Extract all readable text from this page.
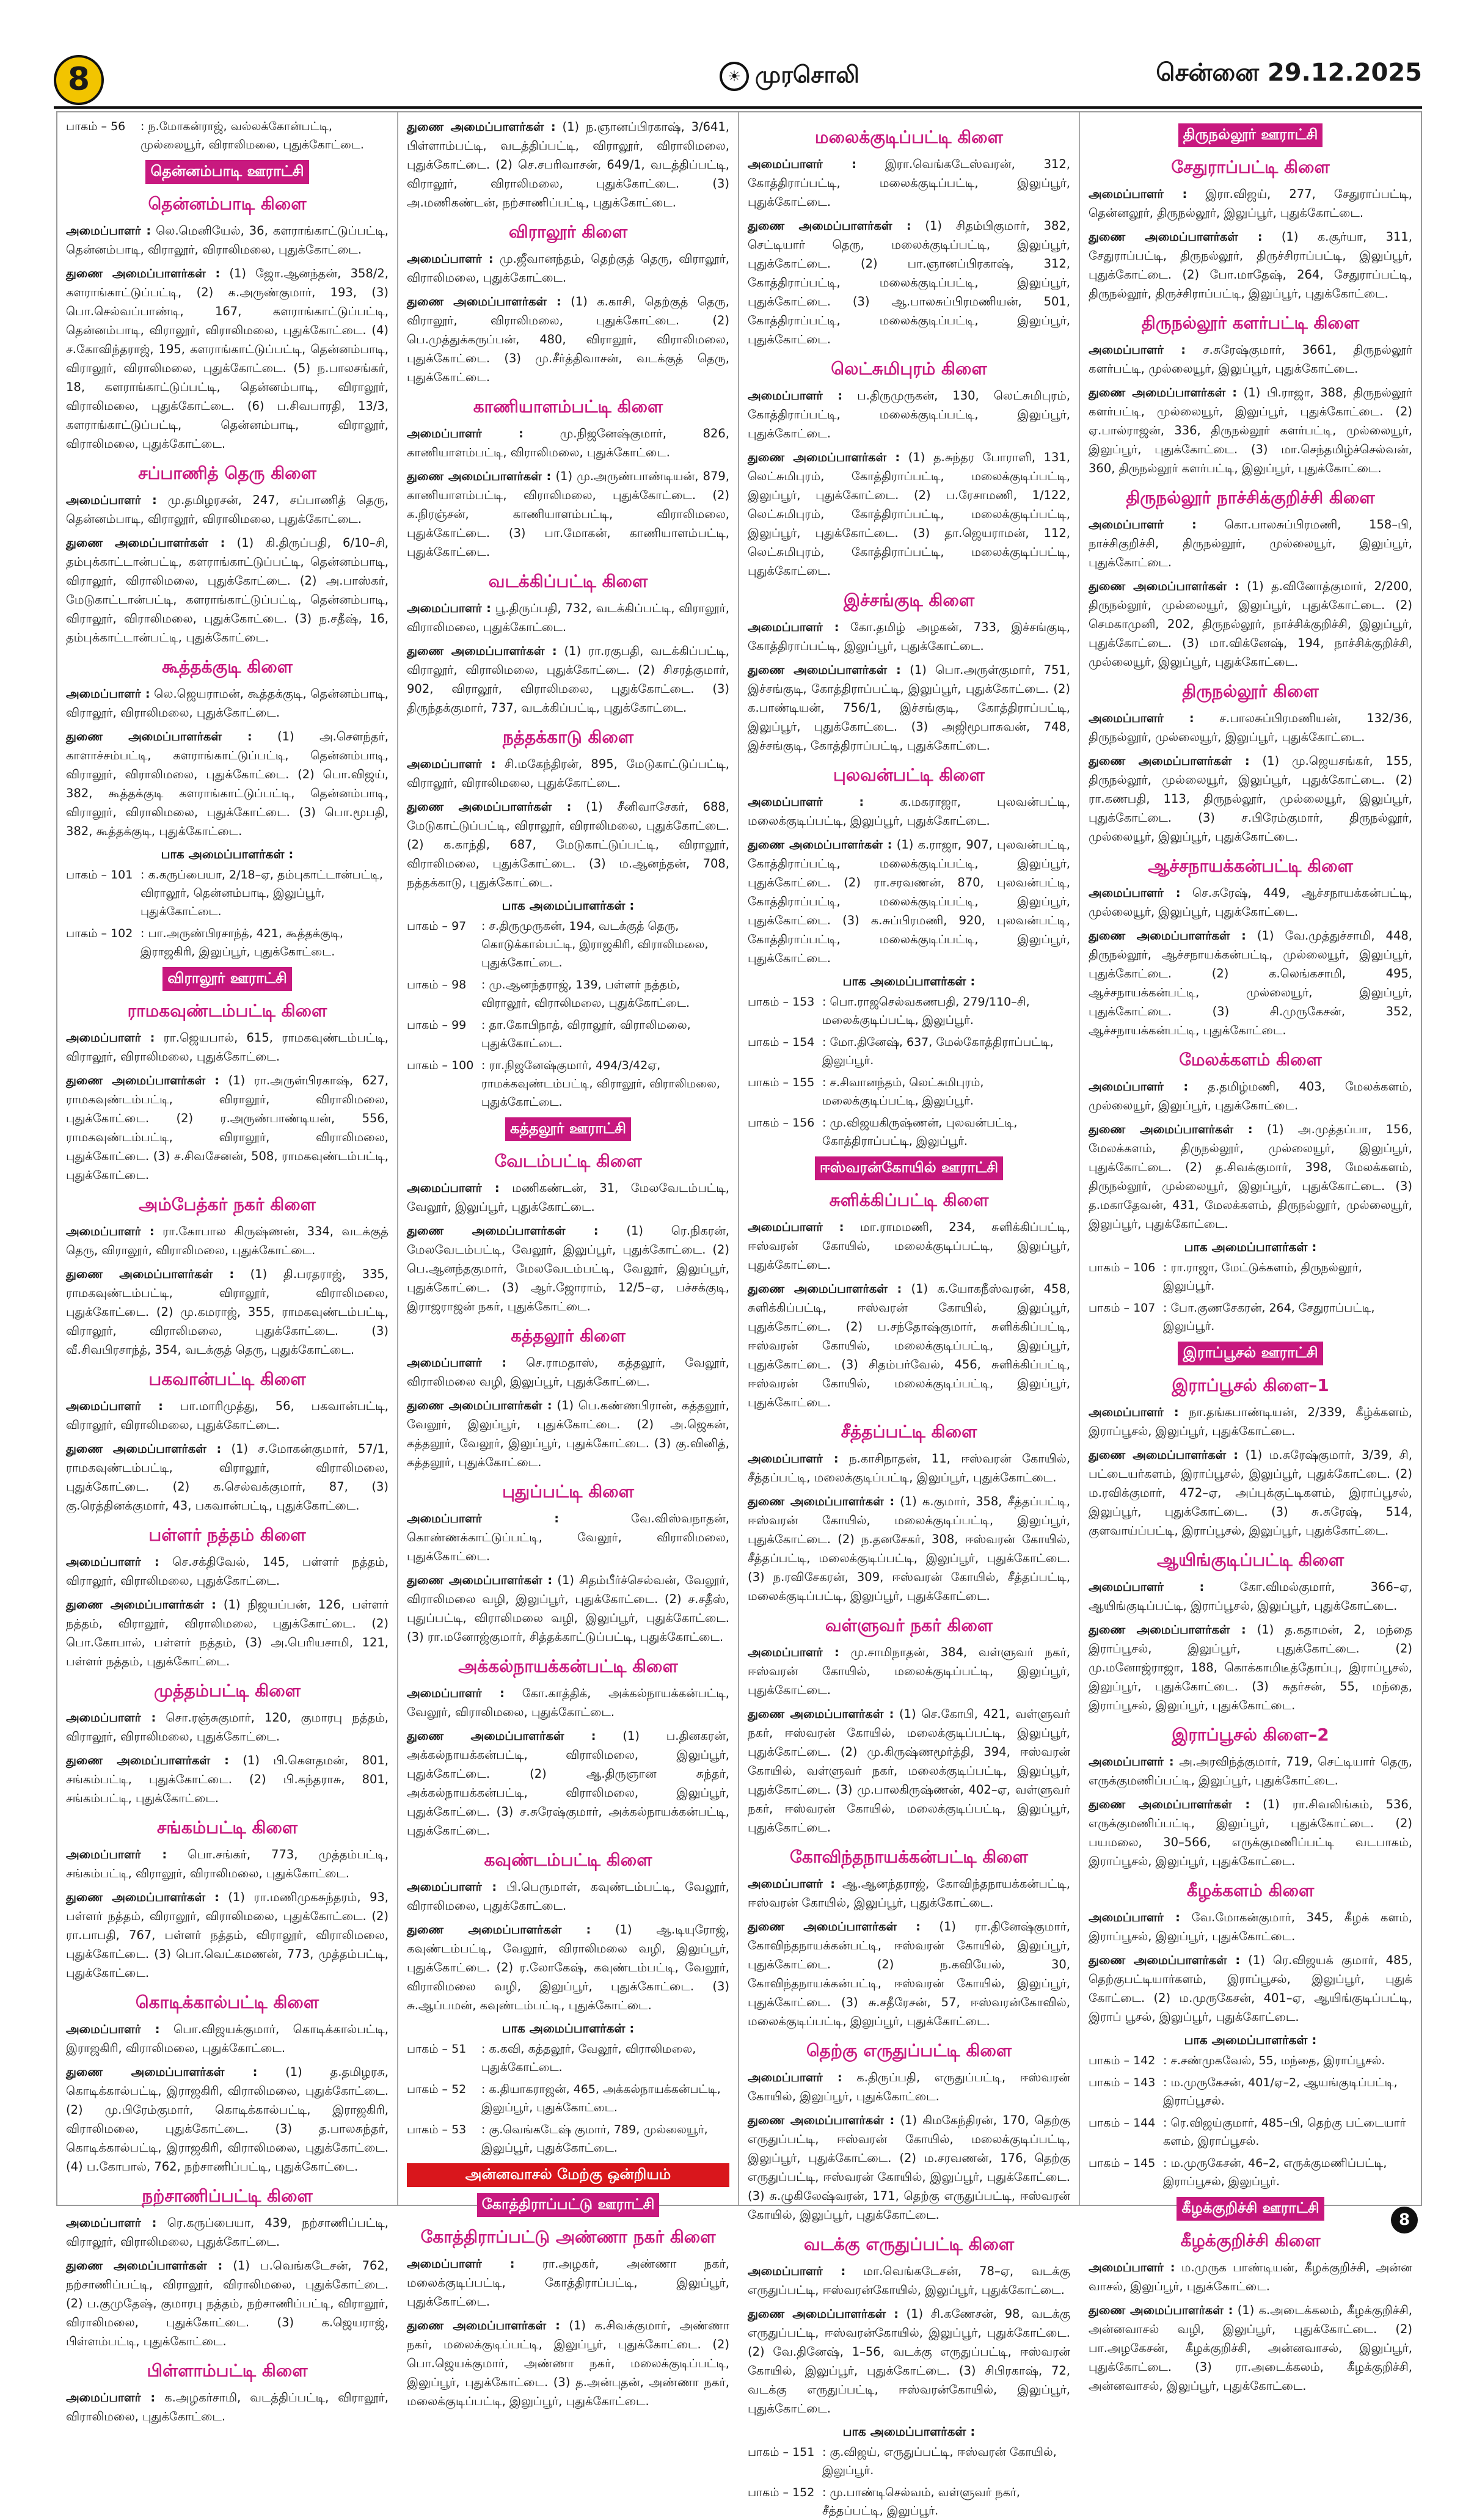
8	☀ முரசொலி	சென்னை 29.12.2025
பாகம் – 56	: ந.மோகன்ராஜ், வல்லக்கோன்பட்டி, முல்லையூர், விராலிமலை, புதுக்கோட்டை.
தென்னம்பாடி ஊராட்சி
தென்னம்பாடி கிளை

அமைப்பாளர் : லெ.மெனியேல், 36, களராங்காட்டுப்பட்டி, தென்னம்பாடி, விராலூர், விராலிமலை, புதுக்கோட்டை.

துணை அமைப்பாளர்கள் : (1) ஜோ.ஆனந்தன், 358/2, களராங்காட்டுப்பட்டி, (2) க.அருண்குமார், 193, (3) பொ.செல்வப்பாண்டி, 167, களராங்காட்டுப்பட்டி, தென்னம்பாடி, விராலூர், விராலிமலை, புதுக்கோட்டை. (4) ச.கோவிந்தராஜ், 195, களராங்காட்டுப்பட்டி, தென்னம்பாடி, விராலூர், விராலிமலை, புதுக்கோட்டை. (5) ந.பாலசங்கர், 18, களராங்காட்டுப்பட்டி, தென்னம்பாடி, விராலூர், விராலிமலை, புதுக்கோட்டை. (6) ப.சிவபாரதி, 13/3, களராங்காட்டுப்பட்டி, தென்னம்பாடி, விராலூர், விராலிமலை, புதுக்கோட்டை.

சப்பாணித் தெரு கிளை

அமைப்பாளர் : மு.தமிழரசன், 247, சப்பாணித் தெரு, தென்னம்பாடி, விராலூர், விராலிமலை, புதுக்கோட்டை.

துணை அமைப்பாளர்கள் : (1) கி.திருப்பதி, 6/10–சி, தம்புக்காட்டான்பட்டி, களராங்காட்டுப்பட்டி, தென்னம்பாடி, விராலூர், விராலிமலை, புதுக்கோட்டை. (2) அ.பாஸ்கர், மேடுகாட்டான்பட்டி, களராங்காட்டுப்பட்டி, தென்னம்பாடி, விராலூர், விராலிமலை, புதுக்கோட்டை. (3) ந.சதீஷ், 16, தம்புக்காட்டான்பட்டி, புதுக்கோட்டை.

கூத்தக்குடி கிளை

அமைப்பாளர் : லெ.ஜெயராமன், கூத்தக்குடி, தென்னம்பாடி, விராலூர், விராலிமலை, புதுக்கோட்டை.

துணை அமைப்பாளர்கள் : (1) அ.சௌந்தர், காளாச்சம்பட்டி, களராங்காட்டுப்பட்டி, தென்னம்பாடி, விராலூர், விராலிமலை, புதுக்கோட்டை. (2) பொ.விஜய், 382, கூத்தக்குடி களராங்காட்டுப்பட்டி, தென்னம்பாடி, விராலூர், விராலிமலை, புதுக்கோட்டை. (3) பொ.மூபதி, 382, கூத்தக்குடி, புதுக்கோட்டை.

பாக அமைப்பாளர்கள் :
பாகம் – 101 : க.கருப்பையா, 2/18–ஏ, தம்புகாட்டான்பட்டி, விராலூர், தென்னம்பாடி, இலுப்பூர், புதுக்கோட்டை.
பாகம் – 102 : பா.அருண்பிரசாந்த், 421, கூத்தக்குடி, இராஜகிரி, இலுப்பூர், புதுக்கோட்டை.
விராலூர் ஊராட்சி
ராமகவுண்டம்பட்டி கிளை

அமைப்பாளர் : ரா.ஜெயபால், 615, ராமகவுண்டம்பட்டி, விராலூர், விராலிமலை, புதுக்கோட்டை.

துணை அமைப்பாளர்கள் : (1) ரா.அருள்பிரகாஷ், 627, ராமகவுண்டம்பட்டி, விராலூர், விராலிமலை, புதுக்கோட்டை. (2) ர.அருண்பாண்டியன், 556, ராமகவுண்டம்பட்டி, விராலூர், விராலிமலை, புதுக்கோட்டை. (3) ச.சிவசேனன், 508, ராமகவுண்டம்பட்டி, புதுக்கோட்டை.

அம்பேத்கர் நகர் கிளை

அமைப்பாளர் : ரா.கோபால கிருஷ்ணன், 334, வடக்குத் தெரு, விராலூர், விராலிமலை, புதுக்கோட்டை.

துணை அமைப்பாளர்கள் : (1) தி.பரதராஜ், 335, ராமகவுண்டம்பட்டி, விராலூர், விராலிமலை, புதுக்கோட்டை. (2) மு.கமராஜ், 355, ராமகவுண்டம்பட்டி, விராலூர், விராலிமலை, புதுக்கோட்டை. (3) வீ.சிவபிரசாந்த், 354, வடக்குத் தெரு, புதுக்கோட்டை.

பகவான்பட்டி கிளை

அமைப்பாளர் : பா.மாரிமுத்து, 56, பகவான்பட்டி, விராலூர், விராலிமலை, புதுக்கோட்டை.

துணை அமைப்பாளர்கள் : (1) ச.மோகன்குமார், 57/1, ராமகவுண்டம்பட்டி, விராலூர், விராலிமலை, புதுக்கோட்டை. (2) க.செல்வக்குமார், 87, (3) கு.ரெத்தினக்குமார், 43, பகவான்பட்டி, புதுக்கோட்டை.

பள்ளர் நத்தம் கிளை

அமைப்பாளர் : செ.சக்திவேல், 145, பள்ளர் நத்தம், விராலூர், விராலிமலை, புதுக்கோட்டை.

துணை அமைப்பாளர்கள் : (1) நிஜயப்பன், 126, பள்ளர் நத்தம், விராலூர், விராலிமலை, புதுக்கோட்டை. (2) பொ.கோபால், பள்ளர் நத்தம், (3) அ.பெரியசாமி, 121, பள்ளர் நத்தம், புதுக்கோட்டை.

முத்தம்பட்டி கிளை

அமைப்பாளர் : சொ.ரஞ்சுகுமார், 120, குமாரபு நத்தம், விராலூர், விராலிமலை, புதுக்கோட்டை.

துணை அமைப்பாளர்கள் : (1) பி.கௌதமன், 801, சங்கம்பட்டி, புதுக்கோட்டை. (2) பி.கந்தராசு, 801, சங்கம்பட்டி, புதுக்கோட்டை.

சங்கம்பட்டி கிளை

அமைப்பாளர் : பொ.சங்கர், 773, முத்தம்பட்டி, சங்கம்பட்டி, விராலூர், விராலிமலை, புதுக்கோட்டை.

துணை அமைப்பாளர்கள் : (1) ரா.மணிமுகசுந்தரம், 93, பள்ளர் நத்தம், விராலூர், விராலிமலை, புதுக்கோட்டை. (2) ரா.பாபதி, 767, பள்ளர் நத்தம், விராலூர், விராலிமலை, புதுக்கோட்டை. (3) பொ.வெட்கமணன், 773, முத்தம்பட்டி, புதுக்கோட்டை.

கொடிக்கால்பட்டி கிளை

அமைப்பாளர் : பொ.விஜயக்குமார், கொடிக்கால்பட்டி, இராஜகிரி, விராலிமலை, புதுக்கோட்டை.

துணை அமைப்பாளர்கள் : (1) த.தமிழரசு, கொடிக்கால்பட்டி, இராஜகிரி, விராலிமலை, புதுக்கோட்டை. (2) மு.பிரேம்குமார், கொடிக்கால்பட்டி, இராஜகிரி, விராலிமலை, புதுக்கோட்டை. (3) த.பாலசுந்தர், கொடிக்கால்பட்டி, இராஜகிரி, விராலிமலை, புதுக்கோட்டை. (4) ப.கோபால், 762, நற்சாணிப்பட்டி, புதுக்கோட்டை.

நற்சாணிப்பட்டி கிளை

அமைப்பாளர் : ரெ.கருப்பையா, 439, நற்சாணிப்பட்டி, விராலூர், விராலிமலை, புதுக்கோட்டை.

துணை அமைப்பாளர்கள் : (1) ப.வெங்கடேசன், 762, நற்சாணிப்பட்டி, விராலூர், விராலிமலை, புதுக்கோட்டை. (2) ப.குமுதேஷ், குமாரபு நத்தம், நற்சாணிப்பட்டி, விராலூர், விராலிமலை, புதுக்கோட்டை. (3) க.ஜெயராஜ், பிள்ளம்பட்டி, புதுக்கோட்டை.

பிள்ளாம்பட்டி கிளை

அமைப்பாளர் : க.அழகர்சாமி, வடத்திப்பட்டி, விராலூர், விராலிமலை, புதுக்கோட்டை.

துணை அமைப்பாளர்கள் : (1) ந.ஞானப்பிரகாஷ், 3/641, பிள்ளாம்பட்டி, வடத்திப்பட்டி, விராலூர், விராலிமலை, புதுக்கோட்டை. (2) செ.சபரிவாசன், 649/1, வடத்திப்பட்டி, விராலூர், விராலிமலை, புதுக்கோட்டை. (3) அ.மணிகண்டன், நற்சாணிப்பட்டி, புதுக்கோட்டை.

விராலூர் கிளை

அமைப்பாளர் : மு.ஜீவானந்தம், தெற்குத் தெரு, விராலூர், விராலிமலை, புதுக்கோட்டை.

துணை அமைப்பாளர்கள் : (1) க.காசி, தெற்குத் தெரு, விராலூர், விராலிமலை, புதுக்கோட்டை. (2) பெ.முத்துக்கருப்பன், 480, விராலூர், விராலிமலை, புதுக்கோட்டை. (3) மு.சீர்த்திவாசன், வடக்குத் தெரு, புதுக்கோட்டை.

காணியாளம்பட்டி கிளை

அமைப்பாளர் :	மு.நிஜனேஷ்குமார், 826, காணியாளம்பட்டி, விராலிமலை, புதுக்கோட்டை.

துணை அமைப்பாளர்கள் : (1) மு.அருண்பாண்டியன், 879, காணியாளம்பட்டி, விராலிமலை, புதுக்கோட்டை. (2) க.நிரஞ்சன், காணியாளம்பட்டி, விராலிமலை, புதுக்கோட்டை. (3) பா.மோகன், காணியாளம்பட்டி, புதுக்கோட்டை.

வடக்கிப்பட்டி கிளை

அமைப்பாளர் : பூ.திருப்பதி, 732, வடக்கிப்பட்டி, விராலூர், விராலிமலை, புதுக்கோட்டை.

துணை அமைப்பாளர்கள் : (1) ரா.ரகுபதி, வடக்கிப்பட்டி, விராலூர், விராலிமலை, புதுக்கோட்டை. (2) சிசரத்குமார், 902, விராலூர், விராலிமலை, புதுக்கோட்டை. (3) திருந்தக்குமார், 737, வடக்கிப்பட்டி, புதுக்கோட்டை.

நத்தக்காடு கிளை

அமைப்பாளர் : சி.மகேந்திரன், 895, மேடுகாட்டுப்பட்டி, விராலூர், விராலிமலை, புதுக்கோட்டை.

துணை அமைப்பாளர்கள் : (1) சீனிவாசேகர், 688, மேடுகாட்டுப்பட்டி, விராலூர், விராலிமலை, புதுக்கோட்டை. (2) க.காந்தி, 687, மேடுகாட்டுப்பட்டி, விராலூர், விராலிமலை, புதுக்கோட்டை. (3) ம.ஆனந்தன், 708, நத்தக்காடு, புதுக்கோட்டை.

பாக அமைப்பாளர்கள் :
பாகம் – 97	: ச.திருமுருகன், 194, வடக்குத் தெரு, கொடுக்கால்பட்டி, இராஜகிரி, விராலிமலை, புதுக்கோட்டை.
பாகம் – 98	: மு.ஆனந்தராஜ், 139, பள்ளர் நத்தம், விராலூர், விராலிமலை, புதுக்கோட்டை.
பாகம் – 99	: தா.கோபிநாத், விராலூர், விராலிமலை, புதுக்கோட்டை.
பாகம் – 100 : ரா.நிஜனேஷ்குமார், 494/3/42ஏ, ராமக்கவுண்டம்பட்டி, விராலூர், விராலிமலை, புதுக்கோட்டை.
கத்தலூர் ஊராட்சி
வேடம்பட்டி கிளை

அமைப்பாளர் : மணிகண்டன், 31, மேலவேடம்பட்டி, வேலூர், இலுப்பூர், புதுக்கோட்டை.

துணை அமைப்பாளர்கள் : (1) ரெ.நிகரன், மேலவேடம்பட்டி, வேலூர், இலுப்பூர், புதுக்கோட்டை. (2) பெ.ஆனந்தகுமார், மேலவேடம்பட்டி, வேலூர், இலுப்பூர், புதுக்கோட்டை. (3) ஆர்.ஜோராம், 12/5–ஏ, பச்சக்குடி, இராஜராஜன் நகர், புதுக்கோட்டை.

கத்தலூர் கிளை

அமைப்பாளர் : செ.ராமதாஸ், கத்தலூர், வேலூர், விராலிமலை வழி, இலுப்பூர், புதுக்கோட்டை.

துணை அமைப்பாளர்கள் : (1) பெ.கண்ணபிரான், கத்தலூர், வேலூர், இலுப்பூர், புதுக்கோட்டை. (2) அ.ஜெகன், கத்தலூர், வேலூர், இலுப்பூர், புதுக்கோட்டை. (3) கு.வினித், கத்தலூர், புதுக்கோட்டை.

புதுப்பட்டி கிளை

அமைப்பாளர் :	வே.விஸ்வநாதன், கொண்ணக்காட்டுப்பட்டி, வேலூர், விராலிமலை, புதுக்கோட்டை.

துணை அமைப்பாளர்கள் : (1) சிதம்பீர்ச்செல்வன், வேலூர், விராலிமலை வழி, இலுப்பூர், புதுக்கோட்டை. (2) ச.சதீஸ், புதுப்பட்டி, விராலிமலை வழி, இலுப்பூர், புதுக்கோட்டை. (3) ரா.மனோஜ்குமார், சித்தக்காட்டுப்பட்டி, புதுக்கோட்டை.

அக்கல்நாயக்கன்பட்டி கிளை

அமைப்பாளர் : கோ.காத்திக், அக்கல்நாயக்கன்பட்டி, வேலூர், விராலிமலை, புதுக்கோட்டை.

துணை அமைப்பாளர்கள் : (1) ப.தினகரன், அக்கல்நாயக்கன்பட்டி, விராலிமலை, இலுப்பூர், புதுக்கோட்டை. (2) ஆ.திருஞான சுந்தர், அக்கல்நாயக்கன்பட்டி, விராலிமலை, இலுப்பூர், புதுக்கோட்டை. (3) ச.சுரேஷ்குமார், அக்கல்நாயக்கன்பட்டி, புதுக்கோட்டை.

கவுண்டம்பட்டி கிளை

அமைப்பாளர் : பி.பெருமாள், கவுண்டம்பட்டி, வேலூர், விராலிமலை, புதுக்கோட்டை.

துணை அமைப்பாளர்கள் : (1) ஆ.டியுரோஜ், கவுண்டம்பட்டி, வேலூர், விராலிமலை வழி, இலுப்பூர், புதுக்கோட்டை. (2) ர.லோகேஷ், கவுண்டம்பட்டி, வேலூர், விராலிமலை வழி, இலுப்பூர், புதுக்கோட்டை. (3) சு.ஆப்பமன், கவுண்டம்பட்டி, புதுக்கோட்டை.

பாக அமைப்பாளர்கள் :
பாகம் – 51	: க.கவி, கத்தலூர், வேலூர், விராலிமலை, புதுக்கோட்டை.
பாகம் – 52	: க.தியாகராஜன், 465, அக்கல்நாயக்கன்பட்டி, இலுப்பூர், புதுக்கோட்டை.
பாகம் – 53	: கு.வெங்கடேஷ் குமார், 789, முல்லையூர், இலுப்பூர், புதுக்கோட்டை.
அன்னவாசல் மேற்கு ஒன்றியம்
கோத்திராப்பட்டு ஊராட்சி
கோத்திராப்பட்டு அண்ணா நகர் கிளை

அமைப்பாளர் : ரா.அழகர், அண்ணா நகர், மலைக்குடிப்பட்டி, கோத்திராப்பட்டி, இலுப்பூர், புதுக்கோட்டை.

துணை அமைப்பாளர்கள் : (1) க.சிவக்குமார், அண்ணா நகர், மலைக்குடிப்பட்டி, இலுப்பூர், புதுக்கோட்டை. (2) பொ.ஜெயக்குமார், அண்ணா நகர், மலைக்குடிப்பட்டி, இலுப்பூர், புதுக்கோட்டை. (3) த.அன்புதன், அண்ணா நகர், மலைக்குடிப்பட்டி, இலுப்பூர், புதுக்கோட்டை.

மலைக்குடிப்பட்டி கிளை

அமைப்பாளர் : இரா.வெங்கடேஸ்வரன், 312, கோத்திராப்பட்டி, மலைக்குடிப்பட்டி, இலுப்பூர், புதுக்கோட்டை.

துணை அமைப்பாளர்கள் : (1) சிதம்பிகுமார், 382, செட்டியார் தெரு, மலைக்குடிப்பட்டி, இலுப்பூர், புதுக்கோட்டை. (2) பா.ஞானப்பிரகாஷ், 312, கோத்திராப்பட்டி, மலைக்குடிப்பட்டி, இலுப்பூர், புதுக்கோட்டை. (3) ஆ.பாலசுப்பிரமணியன், 501, கோத்திராப்பட்டி, மலைக்குடிப்பட்டி, இலுப்பூர், புதுக்கோட்டை.

லெட்சுமிபுரம் கிளை

அமைப்பாளர் : ப.திருமுருகன், 130, லெட்சுமிபுரம், கோத்திராப்பட்டி, மலைக்குடிப்பட்டி, இலுப்பூர், புதுக்கோட்டை.

துணை அமைப்பாளர்கள் : (1) த.சுந்தர போராளி, 131, லெட்சுமிபுரம், கோத்திராப்பட்டி, மலைக்குடிப்பட்டி, இலுப்பூர், புதுக்கோட்டை. (2) ப.ரேசாமணி, 1/122, லெட்சுமிபுரம், கோத்திராப்பட்டி, மலைக்குடிப்பட்டி, இலுப்பூர், புதுக்கோட்டை. (3) தா.ஜெயராமன், 112, லெட்சுமிபுரம், கோத்திராப்பட்டி, மலைக்குடிப்பட்டி, புதுக்கோட்டை.

இச்சங்குடி கிளை

அமைப்பாளர் : கோ.தமிழ் அழகன், 733, இச்சங்குடி, கோத்திராப்பட்டி, இலுப்பூர், புதுக்கோட்டை.

துணை அமைப்பாளர்கள் : (1) பொ.அருள்குமார், 751, இச்சங்குடி, கோத்திராப்பட்டி, இலுப்பூர், புதுக்கோட்டை. (2) க.பாண்டியன், 756/1, இச்சங்குடி, கோத்திராப்பட்டி, இலுப்பூர், புதுக்கோட்டை. (3) அஜிமூபாசுவன், 748, இச்சங்குடி, கோத்திராப்பட்டி, புதுக்கோட்டை.

புலவன்பட்டி கிளை

அமைப்பாளர் :	க.மகராஜா, புலவன்பட்டி, மலைக்குடிப்பட்டி, இலுப்பூர், புதுக்கோட்டை.

துணை அமைப்பாளர்கள் : (1) க.ராஜா, 907, புலவன்பட்டி, கோத்திராப்பட்டி, மலைக்குடிப்பட்டி, இலுப்பூர், புதுக்கோட்டை. (2) ரா.சரவணன், 870, புலவன்பட்டி, கோத்திராப்பட்டி, மலைக்குடிப்பட்டி, இலுப்பூர், புதுக்கோட்டை. (3) க.சுப்பிரமணி, 920, புலவன்பட்டி, கோத்திராப்பட்டி, மலைக்குடிப்பட்டி, இலுப்பூர், புதுக்கோட்டை.

பாக அமைப்பாளர்கள் :
பாகம் – 153 : பொ.ராஜசெல்வகணபதி, 279/110–சி, மலைக்குடிப்பட்டி, இலுப்பூர்.
பாகம் – 154 : மோ.தினேஷ், 637, மேல்கோத்திராப்பட்டி, இலுப்பூர்.
பாகம் – 155 : ச.சிவானந்தம், லெட்சுமிபுரம், மலைக்குடிப்பட்டி, இலுப்பூர்.
பாகம் – 156 : மு.விஜயகிருஷ்ணன், புலவன்பட்டி, கோத்திராப்பட்டி, இலுப்பூர்.
ஈஸ்வரன்கோயில் ஊராட்சி
சுளிக்கிப்பட்டி கிளை

அமைப்பாளர் : மா.ராமமணி, 234, சுளிக்கிப்பட்டி, ஈஸ்வரன் கோயில், மலைக்குடிப்பட்டி, இலுப்பூர், புதுக்கோட்டை.

துணை அமைப்பாளர்கள் : (1) க.யோகநீஸ்வரன், 458, சுளிக்கிப்பட்டி, ஈஸ்வரன் கோயில், இலுப்பூர், புதுக்கோட்டை. (2) ப.சந்தோஷ்குமார், சுளிக்கிப்பட்டி, ஈஸ்வரன் கோயில், மலைக்குடிப்பட்டி, இலுப்பூர், புதுக்கோட்டை. (3) சிதம்பர்வேல், 456, சுளிக்கிப்பட்டி, ஈஸ்வரன் கோயில், மலைக்குடிப்பட்டி, இலுப்பூர், புதுக்கோட்டை.

சீத்தப்பட்டி கிளை

அமைப்பாளர் : ந.காசிநாதன், 11, ஈஸ்வரன் கோயில், சீத்தப்பட்டி, மலைக்குடிப்பட்டி, இலுப்பூர், புதுக்கோட்டை.

துணை அமைப்பாளர்கள் : (1) க.குமார், 358, சீத்தப்பட்டி, ஈஸ்வரன் கோயில், மலைக்குடிப்பட்டி, இலுப்பூர், புதுக்கோட்டை. (2) ந.தனசேகர், 308, ஈஸ்வரன் கோயில், சீத்தப்பட்டி, மலைக்குடிப்பட்டி, இலுப்பூர், புதுக்கோட்டை. (3) ந.ரவிசேகரன், 309, ஈஸ்வரன் கோயில், சீத்தப்பட்டி, மலைக்குடிப்பட்டி, இலுப்பூர், புதுக்கோட்டை.

வள்ளுவர் நகர் கிளை

அமைப்பாளர் : மு.சாமிநாதன், 384, வள்ளுவர் நகர், ஈஸ்வரன் கோயில், மலைக்குடிப்பட்டி, இலுப்பூர், புதுக்கோட்டை.

துணை அமைப்பாளர்கள் : (1) செ.கோபி, 421, வள்ளுவர் நகர், ஈஸ்வரன் கோயில், மலைக்குடிப்பட்டி, இலுப்பூர், புதுக்கோட்டை. (2) மு.கிருஷ்ணமூர்த்தி, 394, ஈஸ்வரன் கோயில், வள்ளுவர் நகர், மலைக்குடிப்பட்டி, இலுப்பூர், புதுக்கோட்டை. (3) மு.பாலகிருஷ்ணன், 402–ஏ, வள்ளுவர் நகர், ஈஸ்வரன் கோயில், மலைக்குடிப்பட்டி, இலுப்பூர், புதுக்கோட்டை.

கோவிந்தநாயக்கன்பட்டி கிளை

அமைப்பாளர் : ஆ.ஆனந்தராஜ், கோவிந்தநாயக்கன்பட்டி, ஈஸ்வரன் கோயில், இலுப்பூர், புதுக்கோட்டை.

துணை அமைப்பாளர்கள் : (1) ரா.தினேஷ்குமார், கோவிந்தநாயக்கன்பட்டி, ஈஸ்வரன் கோயில், இலுப்பூர், புதுக்கோட்டை. (2) ந.கவியேல், 30, கோவிந்தநாயக்கன்பட்டி, ஈஸ்வரன் கோயில், இலுப்பூர், புதுக்கோட்டை. (3) சு.சதீரேசன், 57, ஈஸ்வரன்கோவில், மலைக்குடிப்பட்டி, இலுப்பூர், புதுக்கோட்டை.

தெற்கு எருதுப்பட்டி கிளை

அமைப்பாளர் : க.திருப்பதி, எருதுப்பட்டி, ஈஸ்வரன் கோயில், இலுப்பூர், புதுக்கோட்டை.

துணை அமைப்பாளர்கள் : (1) கிமகேந்திரன், 170, தெற்கு எருதுப்பட்டி, ஈஸ்வரன் கோயில், மலைக்குடிப்பட்டி, இலுப்பூர், புதுக்கோட்டை. (2) ம.சரவணன், 176, தெற்கு எருதுப்பட்டி, ஈஸ்வரன் கோயில், இலுப்பூர், புதுக்கோட்டை. (3) சு.ழுகிலேஷ்வரன், 171, தெற்கு எருதுப்பட்டி, ஈஸ்வரன் கோயில், இலுப்பூர், புதுக்கோட்டை.

வடக்கு எருதுப்பட்டி கிளை

அமைப்பாளர் : மா.வெங்கடேசன், 78–ஏ, வடக்கு எருதுப்பட்டி, ஈஸ்வரன்கோயில், இலுப்பூர், புதுக்கோட்டை.

துணை அமைப்பாளர்கள் : (1) சி.கணேசன், 98, வடக்கு எருதுப்பட்டி, ஈஸ்வரன்கோயில், இலுப்பூர், புதுக்கோட்டை. (2) வே.தினேஷ், 1–56, வடக்கு எருதுப்பட்டி, ஈஸ்வரன் கோயில், இலுப்பூர், புதுக்கோட்டை. (3) சிபிரகாஷ், 72, வடக்கு எருதுப்பட்டி, ஈஸ்வரன்கோயில், இலுப்பூர், புதுக்கோட்டை.

பாக அமைப்பாளர்கள் :
பாகம் – 151 : கு.விஜய், எருதுப்பட்டி, ஈஸ்வரன் கோயில், இலுப்பூர்.
பாகம் – 152 : மு.பாண்டிசெல்வம், வள்ளுவர் நகர், சீத்தப்பட்டி, இலுப்பூர்.
திருநல்லூர் ஊராட்சி
சேதுராப்பட்டி கிளை

அமைப்பாளர் : இரா.விஜய், 277, சேதுராப்பட்டி, தென்னலூர், திருநல்லூர், இலுப்பூர், புதுக்கோட்டை.

துணை அமைப்பாளர்கள் : (1) க.சூர்யா, 311, சேதுராப்பட்டி, திருநல்லூர், திருச்சிராப்பட்டி, இலுப்பூர், புதுக்கோட்டை. (2) போ.மாதேஷ், 264, சேதுராப்பட்டி, திருநல்லூர், திருச்சிராப்பட்டி, இலுப்பூர், புதுக்கோட்டை.

திருநல்லூர் களர்பட்டி கிளை

அமைப்பாளர் : ச.சுரேஷ்குமார், 3661, திருநல்லூர் களர்பட்டி, முல்லையூர், இலுப்பூர், புதுக்கோட்டை.

துணை அமைப்பாளர்கள் : (1) பி.ராஜா, 388, திருநல்லூர் களர்பட்டி, முல்லையூர், இலுப்பூர், புதுக்கோட்டை. (2) ஏ.பால்ராஜன், 336, திருநல்லூர் களர்பட்டி, முல்லையூர், இலுப்பூர், புதுக்கோட்டை. (3) மா.செந்தமிழ்ச்செல்வன், 360, திருநல்லூர் களர்பட்டி, இலுப்பூர், புதுக்கோட்டை.

திருநல்லூர் நாச்சிக்குறிச்சி கிளை

அமைப்பாளர் : கொ.பாலசுப்பிரமணி, 158–பி, நாச்சிகுறிச்சி, திருநல்லூர், முல்லையூர், இலுப்பூர், புதுக்கோட்டை.

துணை அமைப்பாளர்கள் : (1) த.வினோத்குமார், 2/200, திருநல்லூர், முல்லையூர், இலுப்பூர், புதுக்கோட்டை. (2) செமகாமுனி, 202, திருநல்லூர், நாச்சிக்குறிச்சி, இலுப்பூர், புதுக்கோட்டை. (3) மா.விக்னேஷ், 194, நாச்சிக்குறிச்சி, முல்லையூர், இலுப்பூர், புதுக்கோட்டை.

திருநல்லூர் கிளை

அமைப்பாளர் : ச.பாலசுப்பிரமணியன், 132/36, திருநல்லூர், முல்லையூர், இலுப்பூர், புதுக்கோட்டை.

துணை அமைப்பாளர்கள் : (1) மு.ஜெயசங்கர், 155, திருநல்லூர், முல்லையூர், இலுப்பூர், புதுக்கோட்டை. (2) ரா.கணபதி, 113, திருநல்லூர், முல்லையூர், இலுப்பூர், புதுக்கோட்டை. (3) ச.பிரேம்குமார், திருநல்லூர், முல்லையூர், இலுப்பூர், புதுக்கோட்டை.

ஆச்சநாயக்கன்பட்டி கிளை

அமைப்பாளர் : செ.சுரேஷ், 449, ஆச்சநாயக்கன்பட்டி, முல்லையூர், இலுப்பூர், புதுக்கோட்டை.

துணை அமைப்பாளர்கள் : (1) வே.முத்துச்சாமி, 448, திருநல்லூர், ஆச்சநாயக்கன்பட்டி, முல்லையூர், இலுப்பூர், புதுக்கோட்டை. (2) க.லெங்கசாமி, 495, ஆச்சநாயக்கன்பட்டி, முல்லையூர், இலுப்பூர், புதுக்கோட்டை. (3) சி.முருகேசன், 352, ஆச்சநாயக்கன்பட்டி, புதுக்கோட்டை.

மேலக்களம் கிளை

அமைப்பாளர் : த.தமிழ்மணி, 403, மேலக்களம், முல்லையூர், இலுப்பூர், புதுக்கோட்டை.

துணை அமைப்பாளர்கள் : (1) அ.முத்தப்பா, 156, மேலக்களம், திருநல்லூர், முல்லையூர், இலுப்பூர், புதுக்கோட்டை. (2) த.சிவக்குமார், 398, மேலக்களம், திருநல்லூர், முல்லையூர், இலுப்பூர், புதுக்கோட்டை. (3) த.மகாதேவன், 431, மேலக்களம், திருநல்லூர், முல்லையூர், இலுப்பூர், புதுக்கோட்டை.

பாக அமைப்பாளர்கள் :
பாகம் – 106 : ரா.ராஜா, மேட்டுக்களம், திருநல்லூர், இலுப்பூர்.
பாகம் – 107 : போ.குணசேகரன், 264, சேதுராப்பட்டி, இலுப்பூர்.
இராப்பூசல் ஊராட்சி
இராப்பூசல் கிளை–1

அமைப்பாளர் : நா.தங்கபாண்டியன், 2/339, கீழ்க்களம், இராப்பூசல், இலுப்பூர், புதுக்கோட்டை.

துணை அமைப்பாளர்கள் : (1) ம.சுரேஷ்குமார், 3/39, சி, பட்டையர்களம், இராப்பூசல், இலுப்பூர், புதுக்கோட்டை. (2) ம.ரவிக்குமார், 472–ஏ, அப்புக்குட்டிகளம், இராப்பூசல், இலுப்பூர், புதுக்கோட்டை. (3) சு.சுரேஷ், 514, குளவாய்ப்பட்டி, இராப்பூசல், இலுப்பூர், புதுக்கோட்டை.

ஆயிங்குடிப்பட்டி கிளை

அமைப்பாளர் :	கோ.விமல்குமார், 366–ஏ, ஆயிங்குடிப்பட்டி, இராப்பூசல், இலுப்பூர், புதுக்கோட்டை.

துணை அமைப்பாளர்கள் : (1) த.கதாமன், 2, மந்தை இராப்பூசல், இலுப்பூர், புதுக்கோட்டை. (2) மு.மனோஜ்ராஜா, 188, கொக்காமிடீத்தோப்பு, இராப்பூசல், இலுப்பூர், புதுக்கோட்டை. (3) சுதர்சன், 55, மந்தை, இராப்பூசல், இலுப்பூர், புதுக்கோட்டை.

இராப்பூசல் கிளை–2

அமைப்பாளர் : அ.அரவிந்த்குமார், 719, செட்டியார் தெரு, எருக்குமணிப்பட்டி, இலுப்பூர், புதுக்கோட்டை.

துணை அமைப்பாளர்கள் : (1) ரா.சிவலிங்கம், 536, எருக்குமணிப்பட்டி, இலுப்பூர், புதுக்கோட்டை. (2) பயமலை, 30–566, எருக்குமணிப்பட்டி வடபாகம், இராப்பூசல், இலுப்பூர், புதுக்கோட்டை.

கீழக்களம் கிளை

அமைப்பாளர் : வே.மோகன்குமார், 345, கீழக் களம், இராப்பூசல், இலுப்பூர், புதுக்கோட்டை.

துணை அமைப்பாளர்கள் : (1) ரெ.விஜயக் குமார், 485, தெற்குபட்டியார்களம், இராப்பூசல், இலுப்பூர், புதுக் கோட்டை. (2) ம.முருகேசன், 401–ஏ, ஆயிங்குடிப்பட்டி, இராப் பூசல், இலுப்பூர், புதுக்கோட்டை.

பாக அமைப்பாளர்கள் :
பாகம் – 142 : ச.சண்முகவேல், 55, மந்தை, இராப்பூசல்.
பாகம் – 143 : ம.முருகேசன், 401/ஏ–2, ஆயங்குடிப்பட்டி, இராப்பூசல்.
பாகம் – 144 : ரெ.விஜய்குமார், 485–பி, தெற்கு பட்டையார் களம், இராப்பூசல்.
பாகம் – 145 : ம.முருகேசன், 46–2, எருக்குமணிப்பட்டி, இராப்பூசல், இலுப்பூர்.
கீழக்குறிச்சி ஊராட்சி
கீழக்குறிச்சி கிளை

அமைப்பாளர் : ம.முருக பாண்டியன், கீழக்குறிச்சி, அன்ன வாசல், இலுப்பூர், புதுக்கோட்டை.

துணை அமைப்பாளர்கள் : (1) க.அடைக்கலம், கீழக்குறிச்சி, அன்னவாசல் வழி, இலுப்பூர், புதுக்கோட்டை. (2) பா.அழகேசன், கீழக்குறிச்சி, அன்னவாசல், இலுப்பூர், புதுக்கோட்டை. (3) ரா.அடைக்கலம், கீழக்குறிச்சி, அன்னவாசல், இலுப்பூர், புதுக்கோட்டை.

8
